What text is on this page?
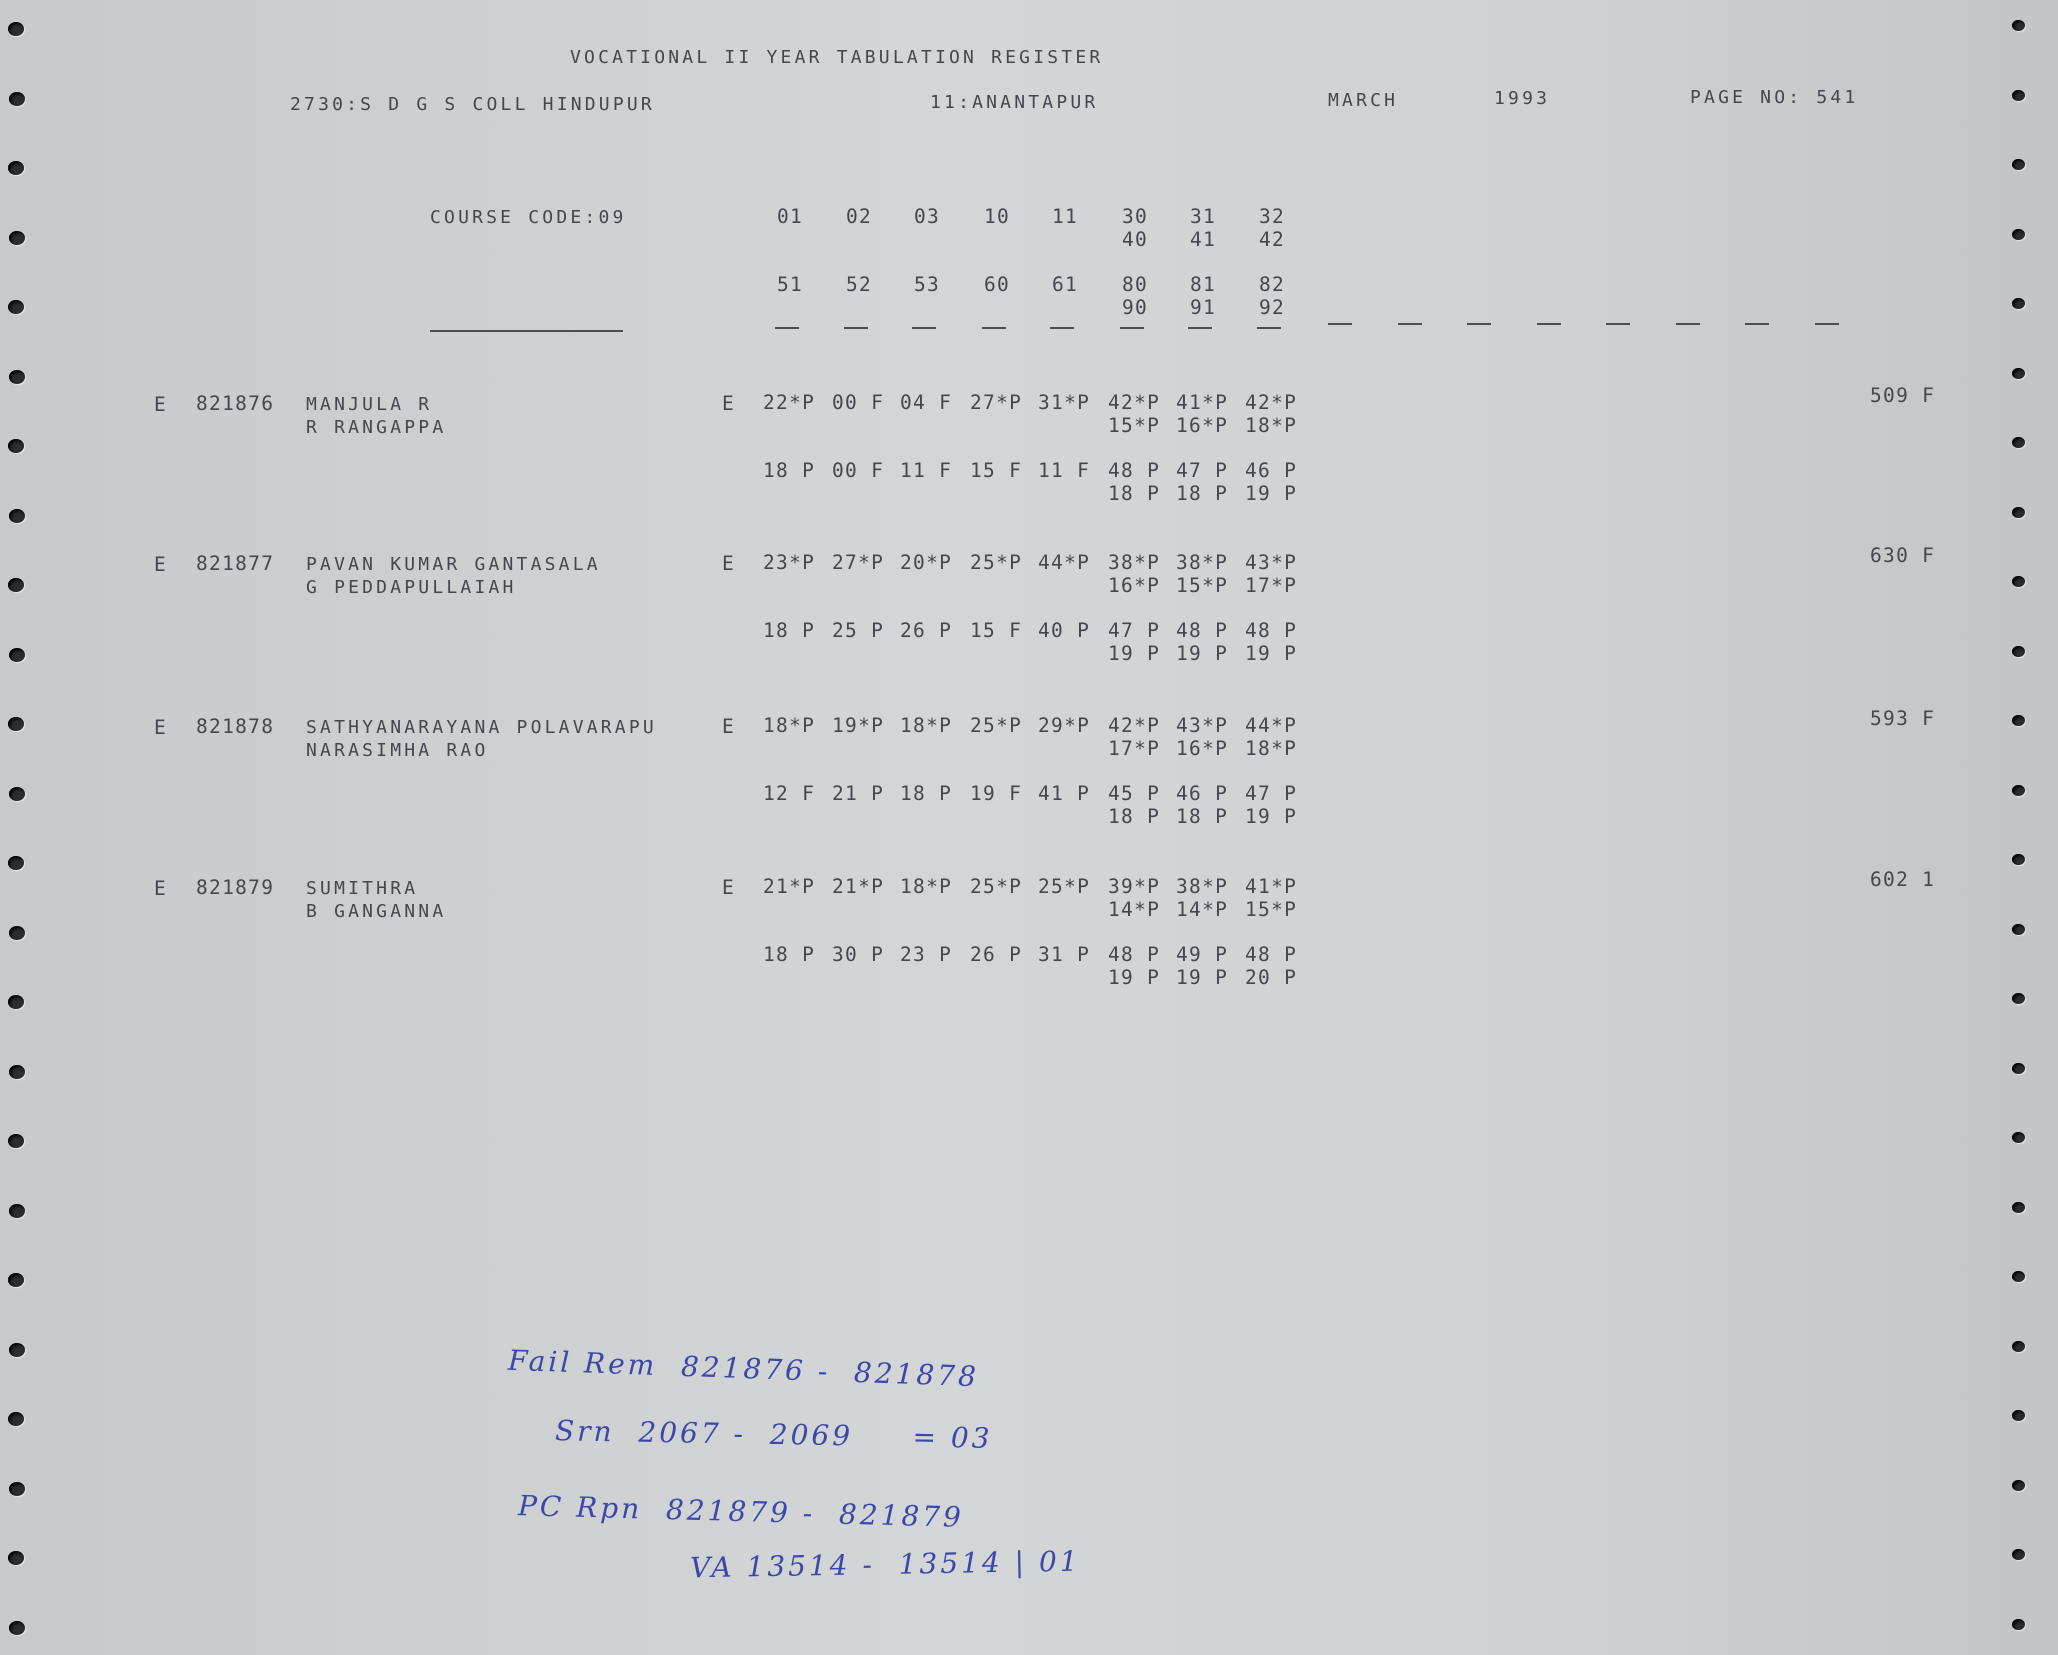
VOCATIONAL II YEAR TABULATION REGISTER
2730:S D G S COLL HINDUPUR	11:ANANTAPUR	MARCH	1993	PAGE NO: 541
COURSE CODE:09	01 02 03 10 11 30 31 32
40 41 42
51 52 53 60 61 80 81 82
90 91 92
E 821876 MANJULA R
R RANGAPPA
E 22*P 00 F 04 F 27*P 31*P 42*P 41*P 42*P
15*P 16*P 18*P
18 P 00 F 11 F 15 F 11 F 48 P 47 P 46 P
18 P 18 P 19 P
509 F
E 821877 PAVAN KUMAR GANTASALA
G PEDDAPULLAIAH
E 23*P 27*P 20*P 25*P 44*P 38*P 38*P 43*P
16*P 15*P 17*P
18 P 25 P 26 P 15 F 40 P 47 P 48 P 48 P
19 P 19 P 19 P
630 F
E 821878 SATHYANARAYANA POLAVARAPU
NARASIMHA RAO
E 18*P 19*P 18*P 25*P 29*P 42*P 43*P 44*P
17*P 16*P 18*P
12 F 21 P 18 P 19 F 41 P 45 P 46 P 47 P
18 P 18 P 19 P
593 F
E 821879 SUMITHRA
B GANGANNA
E 21*P 21*P 18*P 25*P 25*P 39*P 38*P 41*P
14*P 14*P 15*P
18 P 30 P 23 P 26 P 31 P 48 P 49 P 48 P
19 P 19 P 20 P
602 1
Fail Rem  821876 -  821878
Srn  2067 -  2069     = 03
PC Rpn  821879 -  821879
VA 13514 -  13514 | 01
